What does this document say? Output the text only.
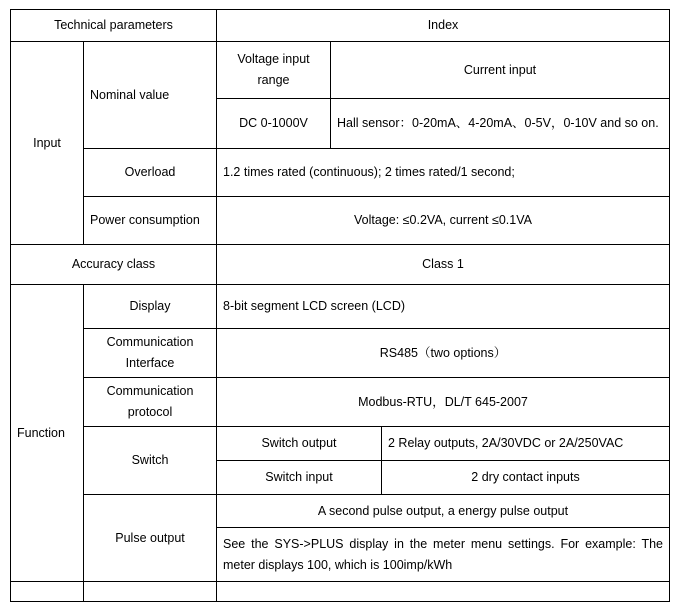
Technical parameters		Index		
Input	Nominal value	Voltage input range	Current input	
		DC 0-1000V	Hall sensor：0-20mA、4-20mA、0-5V，0-10V and so on.	
	Overload	1.2 times rated (continuous); 2 times rated/1 second;		
	Power consumption	Voltage: ≤0.2VA, current ≤0.1VA		
Accuracy class		Class 1		
Function	Display	8-bit segment LCD screen (LCD)		
	Communication Interface	RS485（two options）		
	Communication protocol	Modbus-RTU，DL/T 645-2007		
	Switch	Switch output		2 Relay outputs, 2A/30VDC or 2A/250VAC
		Switch input		2 dry contact inputs
	Pulse output	A second pulse output, a energy pulse output		
		See the SYS->PLUS display in the meter menu settings. For example: The meter displays 100, which is 100imp/kWh		
